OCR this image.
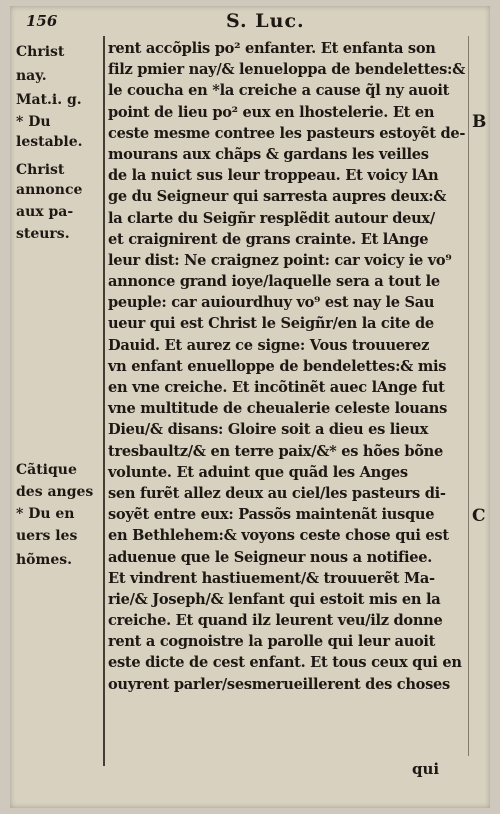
156	S. Luc.
Christ
nay.
Mat.i. g.
* Du
lestable.
Christ
annonce
aux pa-
steurs.
Cãtique
des anges
* Du en
uers les
hõmes.
rent accõplis po² enfanter. Et enfanta son
filz pmier nay/& lenueloppa de bendelettes:&
le coucha en *la creiche a cause q̃l ny auoit
point de lieu po² eux en lhostelerie. Et en
ceste mesme contree les pasteurs estoyẽt de-
mourans aux chãps & gardans les veilles
de la nuict sus leur troppeau. Et voicy lAn
ge du Seigneur qui sarresta aupres deux:&
la clarte du Seigñr resplẽdit autour deux/
et craignirent de grans crainte. Et lAnge
leur dist: Ne craignez point: car voicy ie vo⁹
annonce grand ioye/laquelle sera a tout le
peuple: car auiourdhuy vo⁹ est nay le Sau
ueur qui est Christ le Seigñr/en la cite de
Dauid. Et aurez ce signe: Vous trouuerez
vn enfant enuelloppe de bendelettes:& mis
en vne creiche. Et incõtinẽt auec lAnge fut
vne multitude de cheualerie celeste louans
Dieu/& disans: Gloire soit a dieu es lieux
tresbaultz/& en terre paix/&* es hões bõne
volunte. Et aduint que quãd les Anges
sen furẽt allez deux au ciel/les pasteurs di-
soyẽt entre eux: Passõs maintenãt iusque
en Bethlehem:& voyons ceste chose qui est
aduenue que le Seigneur nous a notifiee.
Et vindrent hastiuement/& trouuerẽt Ma-
rie/& Joseph/& lenfant qui estoit mis en la
creiche. Et quand ilz leurent veu/ilz donne
rent a cognoistre la parolle qui leur auoit
este dicte de cest enfant. Et tous ceux qui en
ouyrent parler/sesmerueillerent des choses
B
C
qui
